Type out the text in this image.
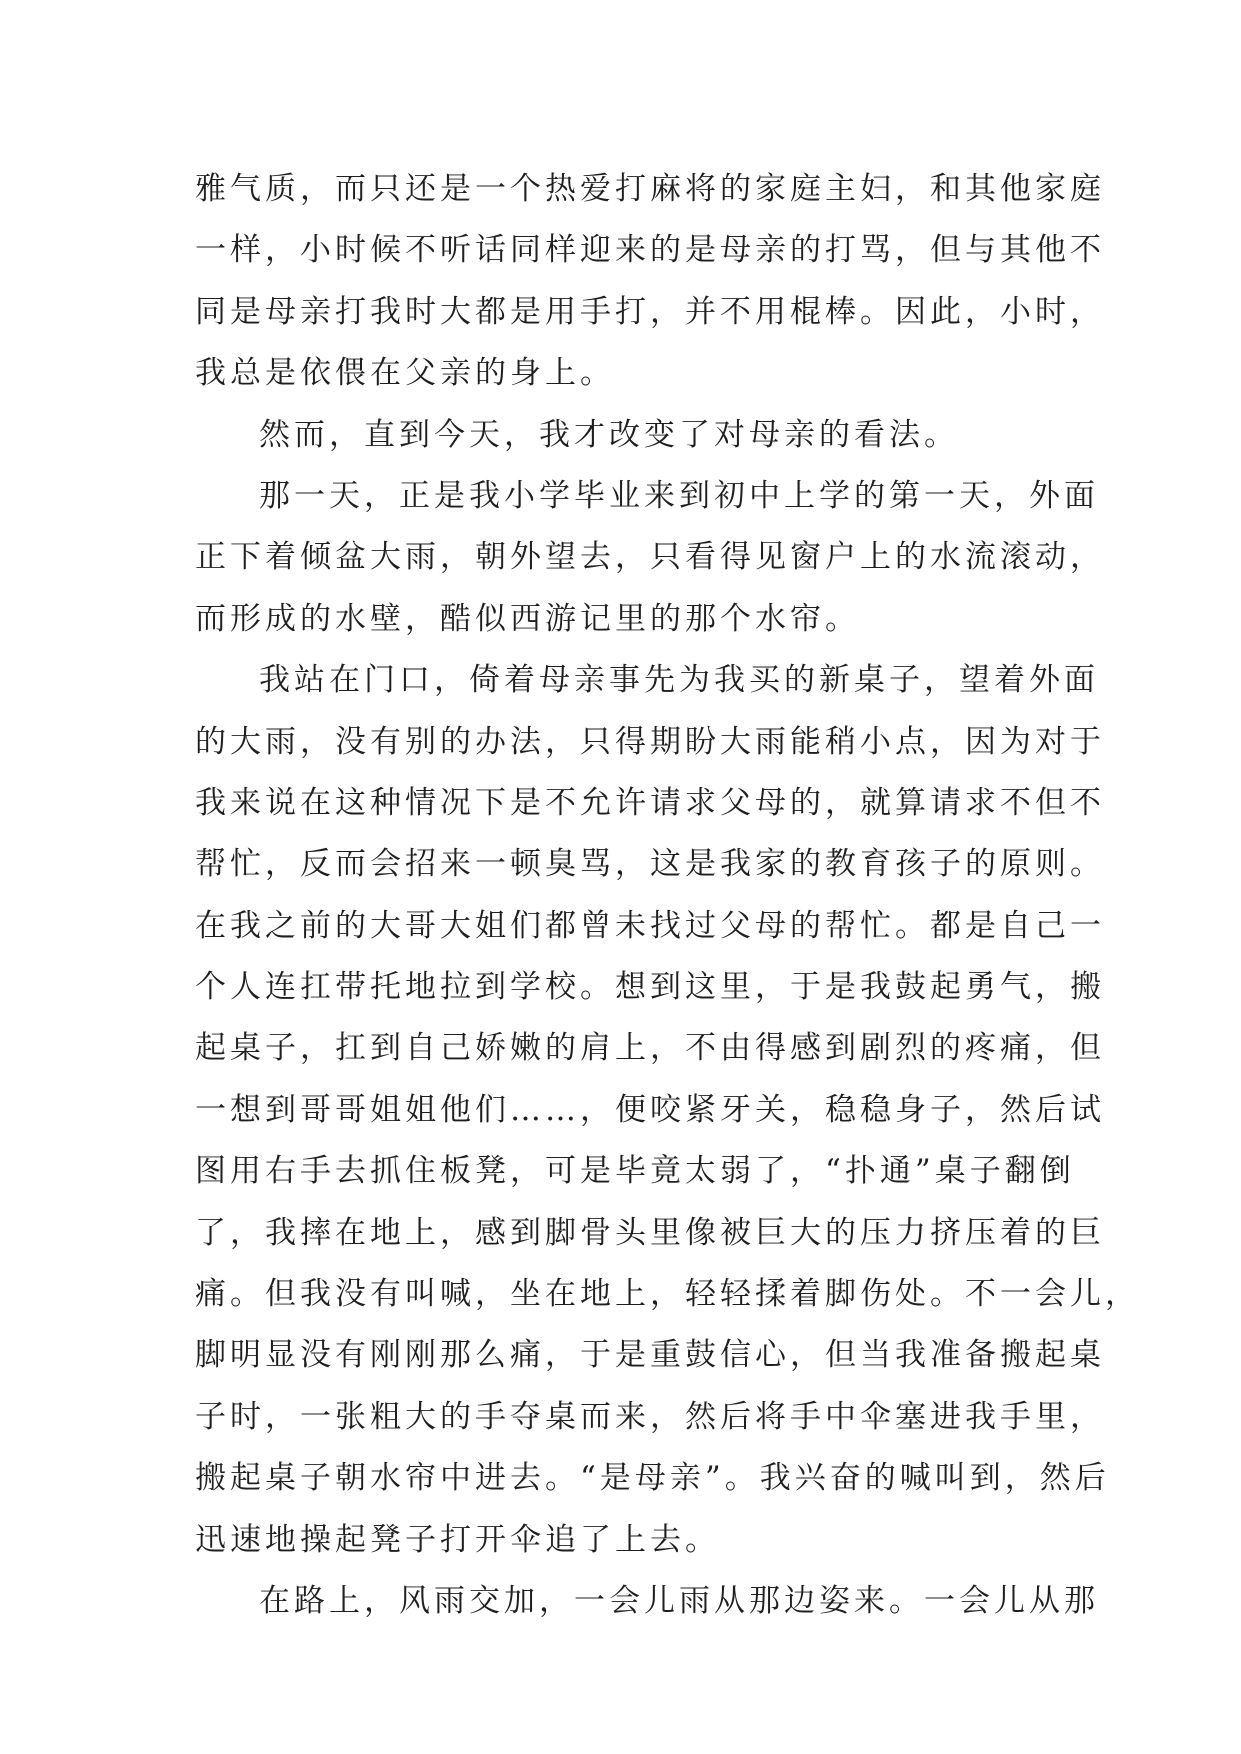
雅气质，而只还是一个热爱打麻将的家庭主妇，和其他家庭
一样，小时候不听话同样迎来的是母亲的打骂，但与其他不
同是母亲打我时大都是用手打，并不用棍棒。因此，小时，
我总是依偎在父亲的身上。
然而，直到今天，我才改变了对母亲的看法。
那一天，正是我小学毕业来到初中上学的第一天，外面
正下着倾盆大雨，朝外望去，只看得见窗户上的水流滚动，
而形成的水壁，酷似西游记里的那个水帘。
我站在门口，倚着母亲事先为我买的新桌子，望着外面
的大雨，没有别的办法，只得期盼大雨能稍小点，因为对于
我来说在这种情况下是不允许请求父母的，就算请求不但不
帮忙，反而会招来一顿臭骂，这是我家的教育孩子的原则。
在我之前的大哥大姐们都曾未找过父母的帮忙。都是自己一
个人连扛带托地拉到学校。想到这里，于是我鼓起勇气，搬
起桌子，扛到自己娇嫩的肩上，不由得感到剧烈的疼痛，但
一想到哥哥姐姐他们……，便咬紧牙关，稳稳身子，然后试
图用右手去抓住板凳，可是毕竟太弱了，“扑通”桌子翻倒
了，我摔在地上，感到脚骨头里像被巨大的压力挤压着的巨
痛。但我没有叫喊，坐在地上，轻轻揉着脚伤处。不一会儿，
脚明显没有刚刚那么痛，于是重鼓信心，但当我准备搬起桌
子时，一张粗大的手夺桌而来，然后将手中伞塞进我手里，
搬起桌子朝水帘中进去。“是母亲”。我兴奋的喊叫到，然后
迅速地操起凳子打开伞追了上去。
在路上，风雨交加，一会儿雨从那边姿来。一会儿从那
